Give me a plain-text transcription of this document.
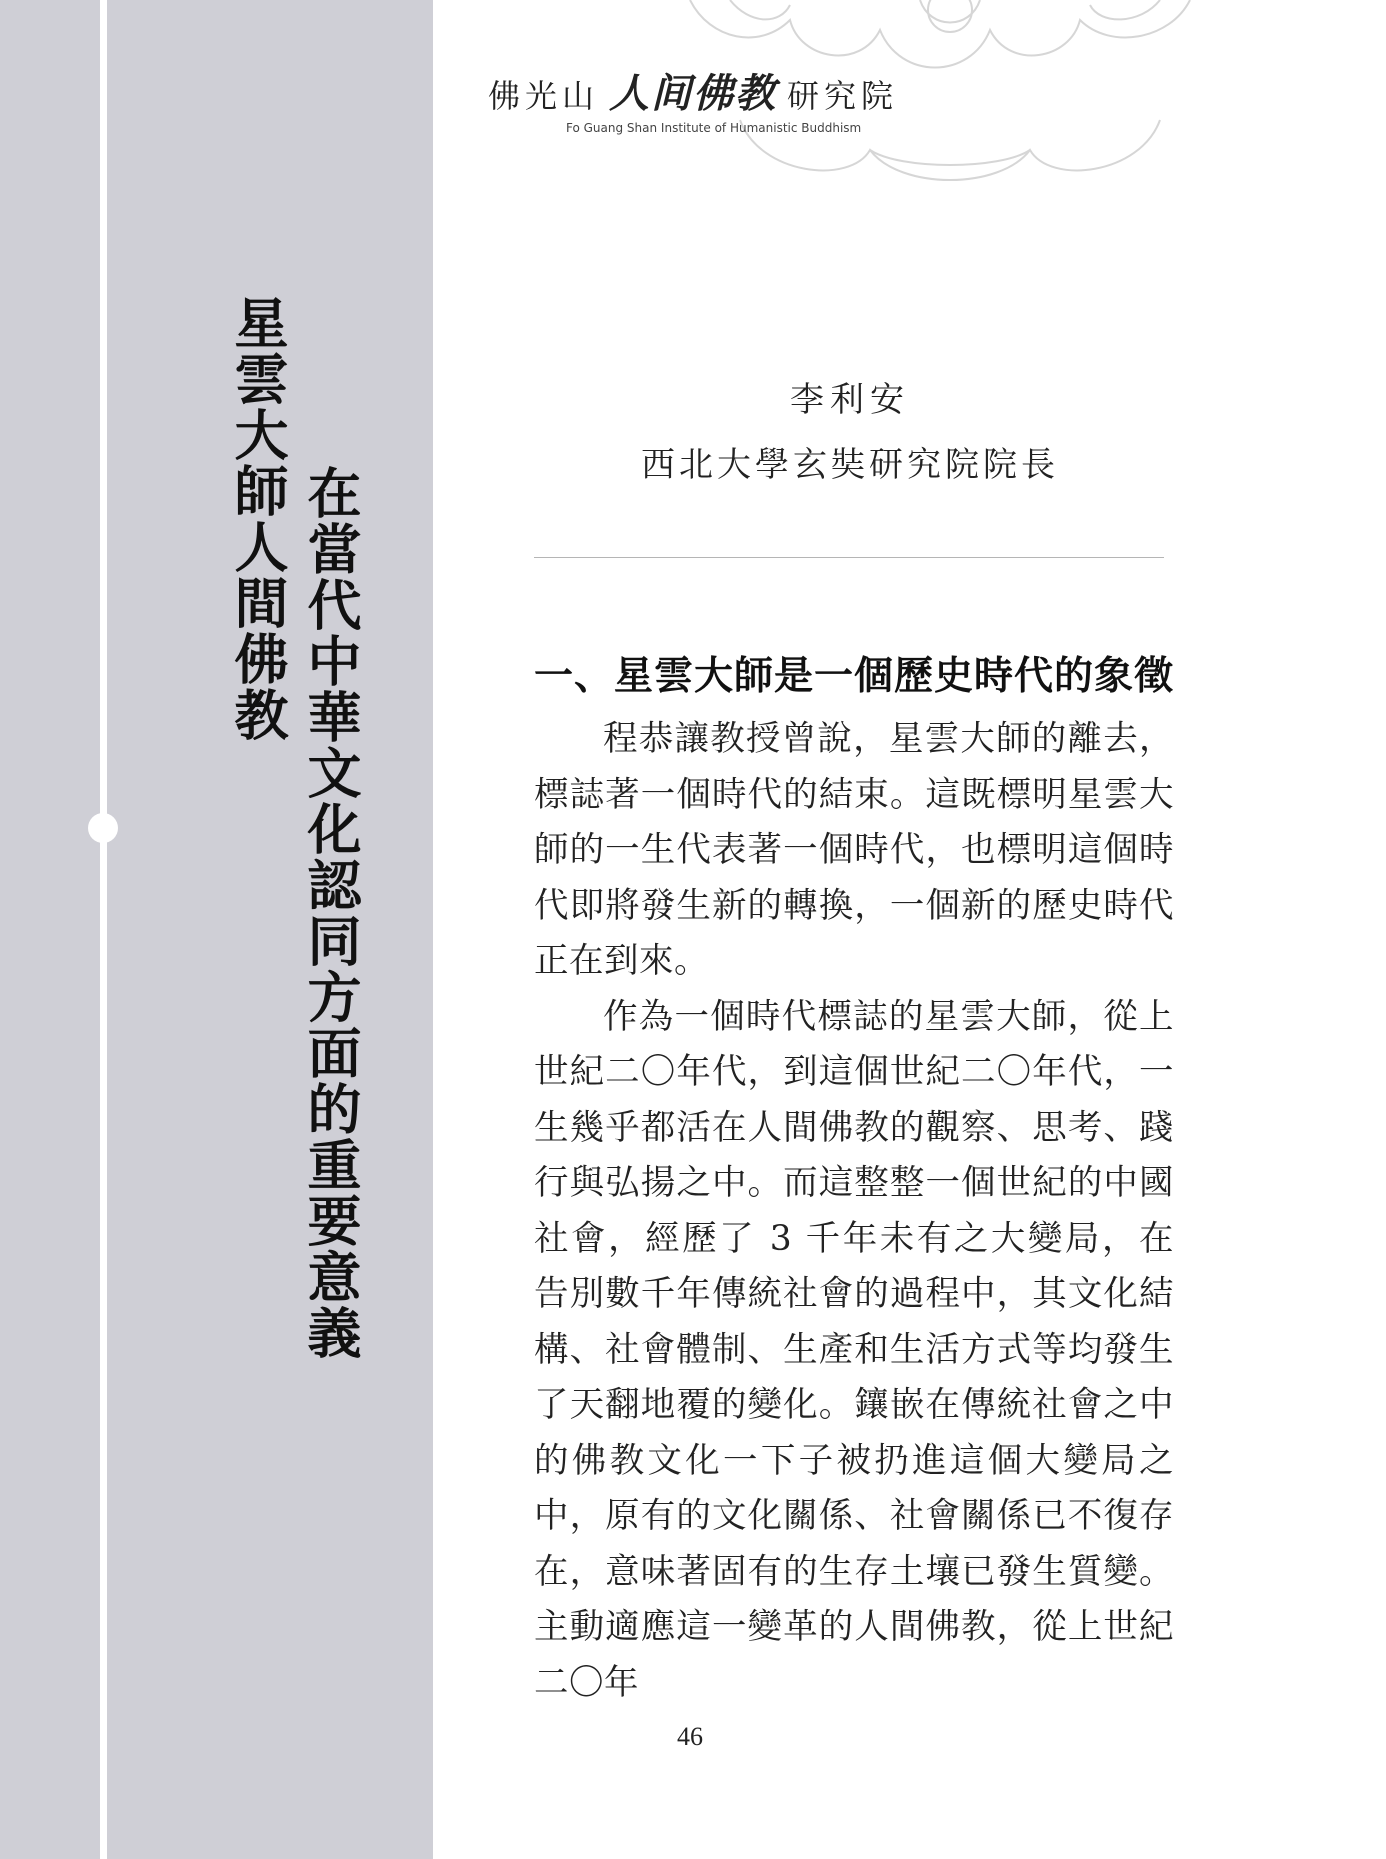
星雲大師人間佛教 在當代中華文化認同方面的重要意義
佛光山 人间佛教 研究院
Fo Guang Shan Institute of Humanistic Buddhism
李利安
西北大學玄奘研究院院長
一、星雲大師是一個歷史時代的象徵

程恭讓教授曾說，星雲大師的離去，標誌著一個時代的結束。這既標明星雲大師的一生代表著一個時代，也標明這個時代即將發生新的轉換，一個新的歷史時代正在到來。

作為一個時代標誌的星雲大師，從上世紀二〇年代，到這個世紀二〇年代，一生幾乎都活在人間佛教的觀察、思考、踐行與弘揚之中。而這整整一個世紀的中國社會，經歷了 3 千年未有之大變局，在告別數千年傳統社會的過程中，其文化結構、社會體制、生產和生活方式等均發生了天翻地覆的變化。鑲嵌在傳統社會之中的佛教文化一下子被扔進這個大變局之中，原有的文化關係、社會關係已不復存在，意味著固有的生存土壤已發生質變。主動適應這一變革的人間佛教，從上世紀二〇年

46
